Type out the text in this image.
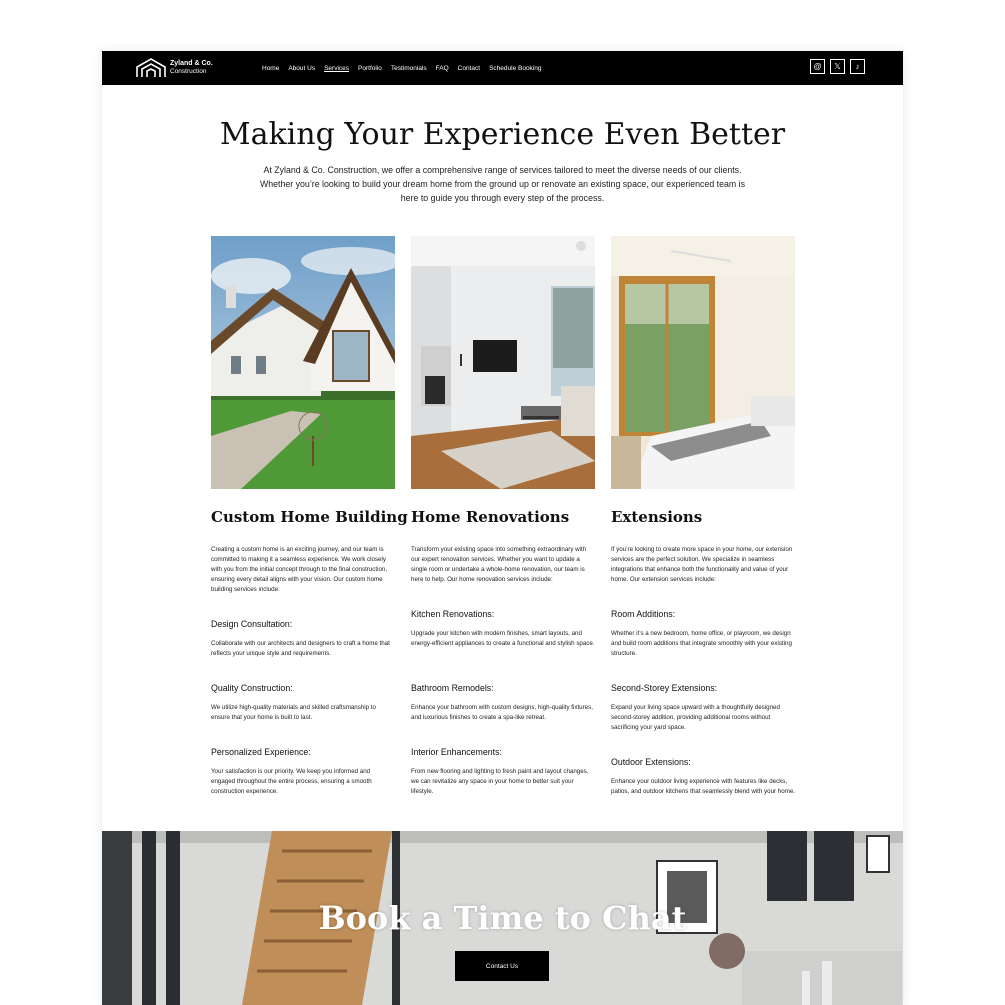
Zyland & Co.
Construction	Home About Us Services Portfolio Testimonials FAQ Contact Schedule Booking	@	𝕏	♪
Making Your Experience Even Better

At Zyland & Co. Construction, we offer a comprehensive range of services tailored to meet the diverse needs of our clients. Whether you’re looking to build your dream home from the ground up or renovate an existing space, our experienced team is here to guide you through every step of the process.

Custom Home Building

Creating a custom home is an exciting journey, and our team is committed to making it a seamless experience. We work closely with you from the initial concept through to the final construction, ensuring every detail aligns with your vision. Our custom home building services include:

Design Consultation:

Collaborate with our architects and designers to craft a home that reflects your unique style and requirements.

Quality Construction:

We utilize high-quality materials and skilled craftsmanship to ensure that your home is built to last.

Personalized Experience:

Your satisfaction is our priority. We keep you informed and engaged throughout the entire process, ensuring a smooth construction experience.

Home Renovations

Transform your existing space into something extraordinary with our expert renovation services. Whether you want to update a single room or undertake a whole-home renovation, our team is here to help. Our home renovation services include:

Kitchen Renovations:

Upgrade your kitchen with modern finishes, smart layouts, and energy-efficient appliances to create a functional and stylish space.

Bathroom Remodels:

Enhance your bathroom with custom designs, high-quality fixtures, and luxurious finishes to create a spa-like retreat.

Interior Enhancements:

From new flooring and lighting to fresh paint and layout changes, we can revitalize any space in your home to better suit your lifestyle.

Extensions

If you’re looking to create more space in your home, our extension services are the perfect solution. We specialize in seamless integrations that enhance both the functionality and value of your home. Our extension services include:

Room Additions:

Whether it’s a new bedroom, home office, or playroom, we design and build room additions that integrate smoothly with your existing structure.

Second-Storey Extensions:

Expand your living space upward with a thoughtfully designed second-storey addition, providing additional rooms without sacrificing your yard space.

Outdoor Extensions:

Enhance your outdoor living experience with features like decks, patios, and outdoor kitchens that seamlessly blend with your home.

Book a Time to Chat
Contact Us
